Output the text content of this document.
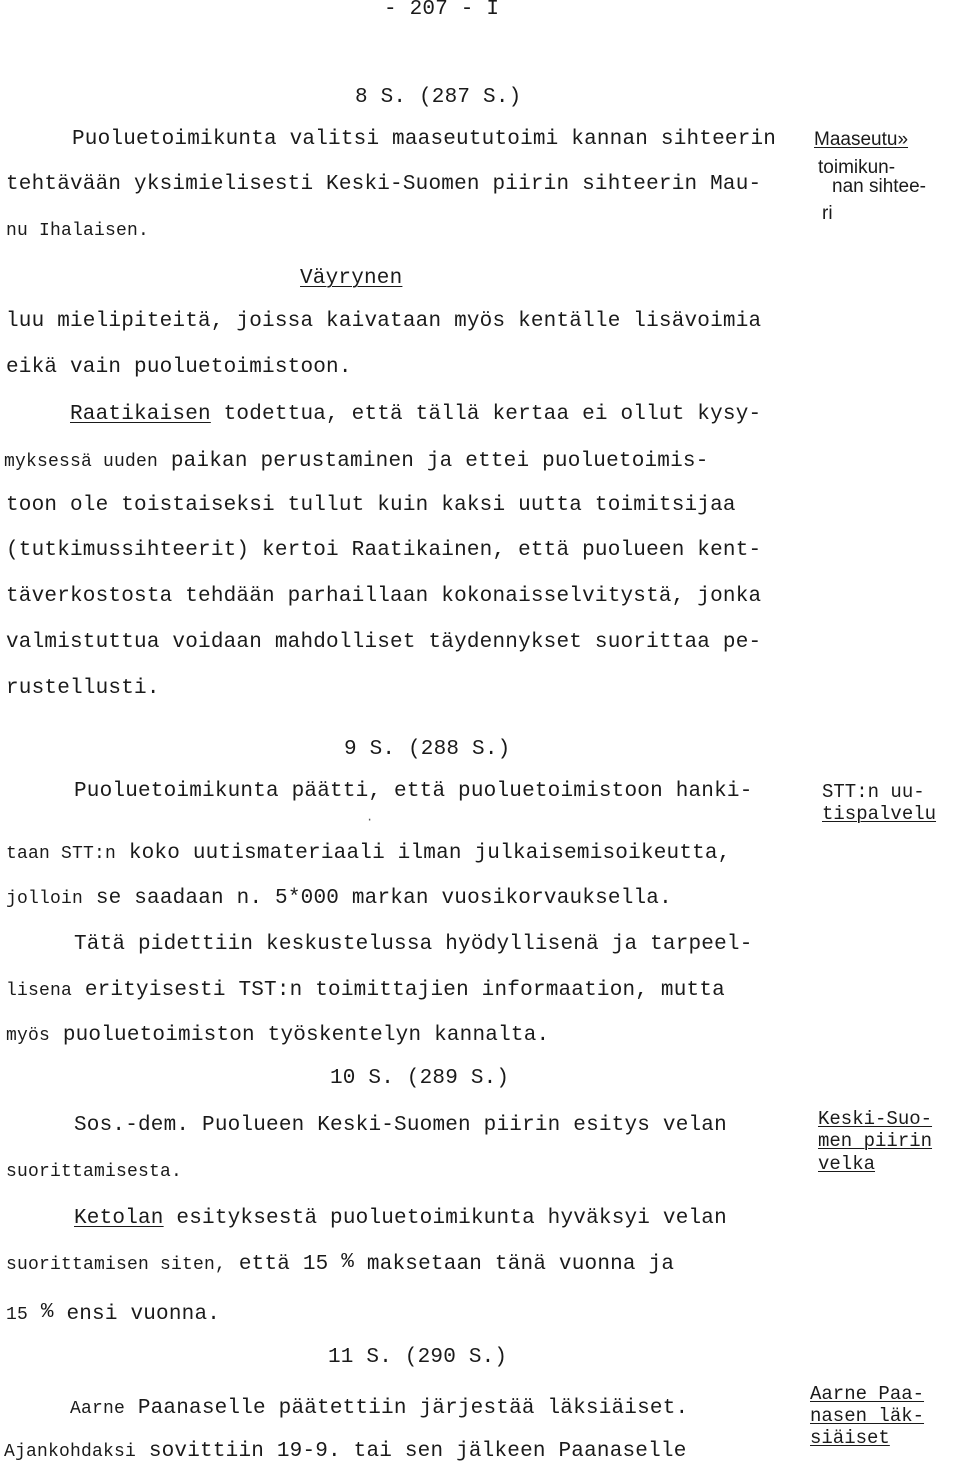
- 207 - I
8 S. (287 S.)
Puoluetoimikunta valitsi maaseututoimi kannan sihteerin
tehtävään yksimielisesti Keski-Suomen piirin sihteerin Mau-
nu Ihalaisen.
Maaseutu»
toimikun-
nan sihtee-
ri
Väyrynen
luu mielipiteitä, joissa kaivataan myös kentälle lisävoimia
eikä vain puoluetoimistoon.
Raatikaisen todettua, että tällä kertaa ei ollut kysy-
myksessä uuden paikan perustaminen ja ettei puoluetoimis-
toon ole toistaiseksi tullut kuin kaksi uutta toimitsijaa
(tutkimussihteerit) kertoi Raatikainen, että puolueen kent-
täverkostosta tehdään parhaillaan kokonaisselvitystä, jonka
valmistuttua voidaan mahdolliset täydennykset suorittaa pe-
rustellusti.
9 S. (288 S.)
Puoluetoimikunta päätti, että puoluetoimistoon hanki-
·
taan STT:n koko uutismateriaali ilman julkaisemisoikeutta,
jolloin se saadaan n. 5*000 markan vuosikorvauksella.
Tätä pidettiin keskustelussa hyödyllisenä ja tarpeel-
lisena erityisesti TST:n toimittajien informaation, mutta
myös puoluetoimiston työskentelyn kannalta.
STT:n uu-
tispalvelu
10 S. (289 S.)
Sos.-dem. Puolueen Keski-Suomen piirin esitys velan
suorittamisesta.
Ketolan esityksestä puoluetoimikunta hyväksyi velan
suorittamisen siten, että 15 % maksetaan tänä vuonna ja
15 % ensi vuonna.
Keski-Suo-
men piirin
velka
11 S. (290 S.)
Aarne Paanaselle päätettiin järjestää läksiäiset.
Ajankohdaksi sovittiin 19-9. tai sen jälkeen Paanaselle
Aarne Paa-
nasen läk-
siäiset
